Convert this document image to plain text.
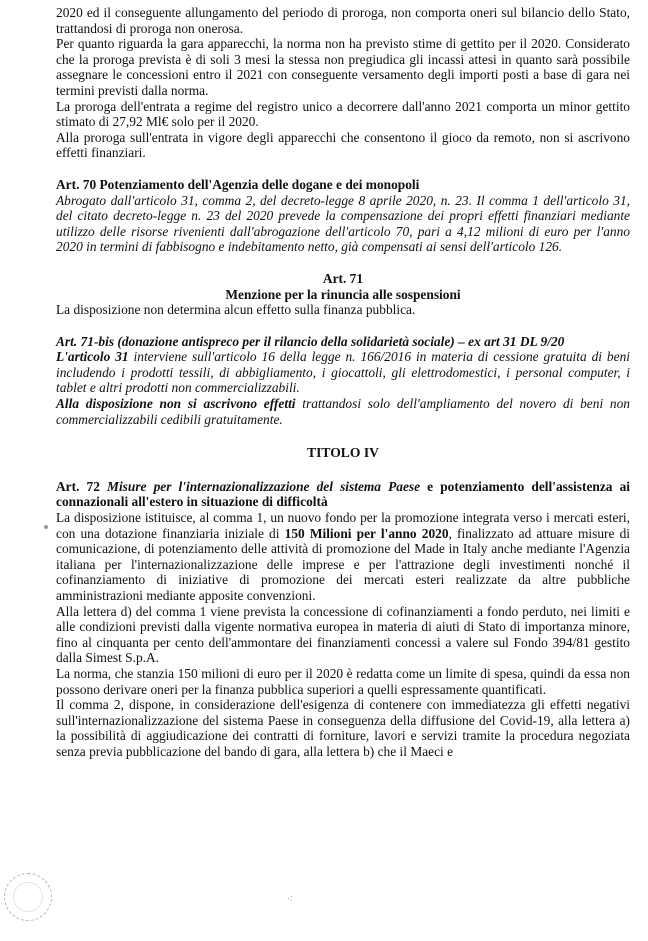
2020 ed il conseguente allungamento del periodo di proroga, non comporta oneri sul bilancio dello Stato, trattandosi di proroga non onerosa.

Per quanto riguarda la gara apparecchi, la norma non ha previsto stime di gettito per il 2020. Considerato che la proroga prevista è di soli 3 mesi la stessa non pregiudica gli incassi attesi in quanto sarà possibile assegnare le concessioni entro il 2021 con conseguente versamento degli importi posti a base di gara nei termini previsti dalla norma.

La proroga dell'entrata a regime del registro unico a decorrere dall'anno 2021 comporta un minor gettito stimato di 27,92 Ml€ solo per il 2020.

Alla proroga sull'entrata in vigore degli apparecchi che consentono il gioco da remoto, non si ascrivono effetti finanziari.

Art. 70 Potenziamento dell'Agenzia delle dogane e dei monopoli

Abrogato dall'articolo 31, comma 2, del decreto-legge 8 aprile 2020, n. 23. Il comma 1 dell'articolo 31, del citato decreto-legge n. 23 del 2020 prevede la compensazione dei propri effetti finanziari mediante utilizzo delle risorse rivenienti dall'abrogazione dell'articolo 70, pari a 4,12 milioni di euro per l'anno 2020 in termini di fabbisogno e indebitamento netto, già compensati ai sensi dell'articolo 126.

Art. 71

Menzione per la rinuncia alle sospensioni

La disposizione non determina alcun effetto sulla finanza pubblica.

Art. 71-bis (donazione antispreco per il rilancio della solidarietà sociale) – ex art 31 DL 9/20

L'articolo 31 interviene sull'articolo 16 della legge n. 166/2016 in materia di cessione gratuita di beni includendo i prodotti tessili, di abbigliamento, i giocattoli, gli elettrodomestici, i personal computer, i tablet e altri prodotti non commercializzabili.

Alla disposizione non si ascrivono effetti trattandosi solo dell'ampliamento del novero di beni non commercializzabili cedibili gratuitamente.

TITOLO IV

Art. 72 Misure per l'internazionalizzazione del sistema Paese e potenziamento dell'assistenza ai connazionali all'estero in situazione di difficoltà

La disposizione istituisce, al comma 1, un nuovo fondo per la promozione integrata verso i mercati esteri, con una dotazione finanziaria iniziale di 150 Milioni per l'anno 2020, finalizzato ad attuare misure di comunicazione, di potenziamento delle attività di promozione del Made in Italy anche mediante l'Agenzia italiana per l'internazionalizzazione delle imprese e per l'attrazione degli investimenti nonché il cofinanziamento di iniziative di promozione dei mercati esteri realizzate da altre pubbliche amministrazioni mediante apposite convenzioni.

Alla lettera d) del comma 1 viene prevista la concessione di cofinanziamenti a fondo perduto, nei limiti e alle condizioni previsti dalla vigente normativa europea in materia di aiuti di Stato di importanza minore, fino al cinquanta per cento dell'ammontare dei finanziamenti concessi a valere sul Fondo 394/81 gestito dalla Simest S.p.A.

La norma, che stanzia 150 milioni di euro per il 2020 è redatta come un limite di spesa, quindi da essa non possono derivare oneri per la finanza pubblica superiori a quelli espressamente quantificati.

Il comma 2, dispone, in considerazione dell'esigenza di contenere con immediatezza gli effetti negativi sull'internazionalizzazione del sistema Paese in conseguenza della diffusione del Covid-19, alla lettera a) la possibilità di aggiudicazione dei contratti di forniture, lavori e servizi tramite la procedura negoziata senza previa pubblicazione del bando di gara, alla lettera b) che il Maeci e

·:
